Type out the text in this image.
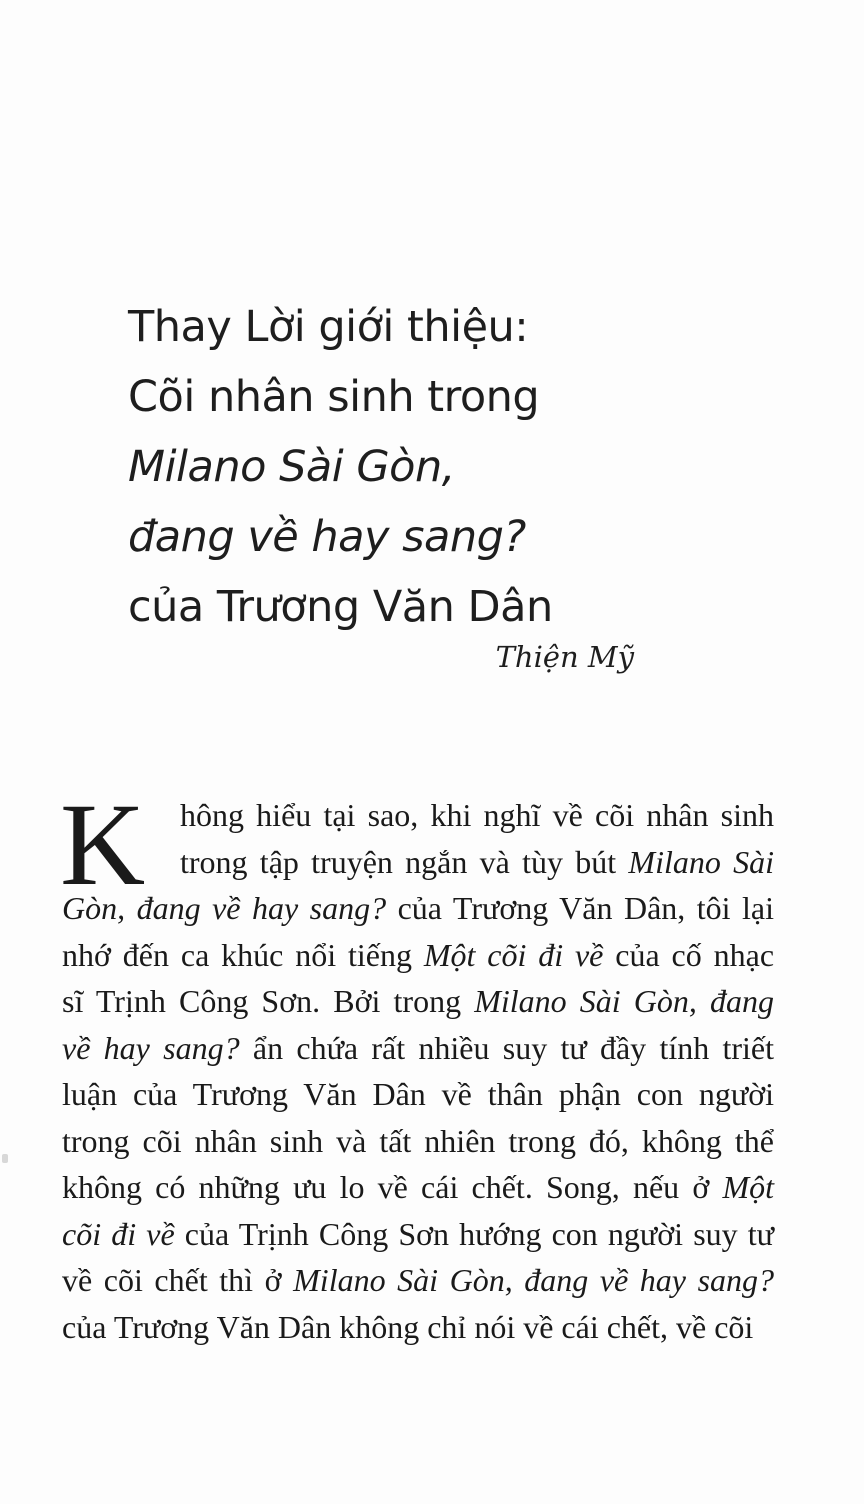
Thay Lời giới thiệu:
Cõi nhân sinh trong
Milano Sài Gòn,
đang về hay sang?
của Trương Văn Dân
Thiện Mỹ
K	hông hiểu tại sao, khi nghĩ về cõi nhân sinh
trong tập truyện ngắn và tùy bút Milano Sài
Gòn, đang về hay sang? của Trương Văn Dân, tôi lại
nhớ đến ca khúc nổi tiếng Một cõi đi về của cố nhạc
sĩ Trịnh Công Sơn. Bởi trong Milano Sài Gòn, đang
về hay sang? ẩn chứa rất nhiều suy tư đầy tính triết
luận của Trương Văn Dân về thân phận con người
trong cõi nhân sinh và tất nhiên trong đó, không thể
không có những ưu lo về cái chết. Song, nếu ở Một
cõi đi về của Trịnh Công Sơn hướng con người suy tư
về cõi chết thì ở Milano Sài Gòn, đang về hay sang?
của Trương Văn Dân không chỉ nói về cái chết, về cõi
